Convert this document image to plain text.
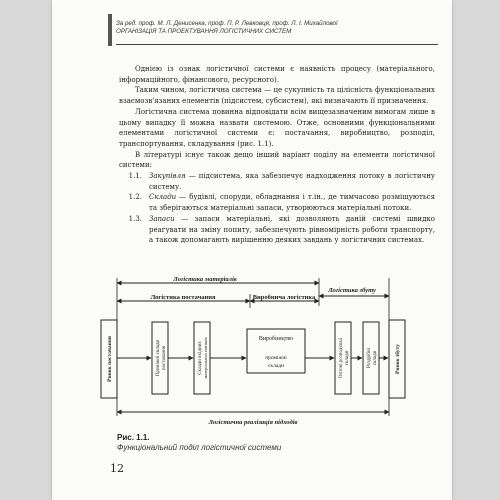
За ред. проф. М. Л. Денисенка, проф. П. Р. Левковця, проф. Л. І. Михайлової
ОРГАНІЗАЦІЯ ТА ПРОЕКТУВАННЯ ЛОГІСТИЧНИХ СИСТЕМ

Однією із ознак логістичної системи є наявність процесу (матеріального, інформаційного, фінансового, ресурсного).

Таким чином, логістична система — це сукупність та цілісність функціональних взаємозв'язаних елементів (підсистем, субсистем), які визначають її призначення.

Логістична система повинна відповідати всім вищезазначеним вимогам лише в цьому випадку її можна назвати системою. Отже, основними функціональними елементами логістичної системи є: постачання, виробництво, розподіл, транспортування, складування (рис. 1.1).

В літературі існує також дещо інший варіант поділу на елементи логістичної системи:

1.1.	Закупівля — підсистема, яка забезпечує надходження потоку в логістичну систему.
1.2.	Склади — будівлі, споруди, обладнання і т.ін., де тимчасово розміщуються та зберігаються матеріальні запаси, утворюються матеріальні потоки.
1.3.	Запаси — запаси матеріальні, які дозволяють даній системі швидко реагувати на зміну попиту, забезпечують рівномірність роботи транспорту, а також допомагають вирішенню деяких завдань у логістичних системах.
Логістика матеріалів
Логістика збуту
Логістика постачання	Виробнича логістика
Ринок постачання	Ринок збуту
Проміжні склади постачання	Склади вхідних матеріальних потоків	Виробництво
проміжні
склади	Оптові розподільчі склади	Роздрібні склади
Логістична реалізація підходів
Рис. 1.1.
Функціональний поділ логістичної системи
12
